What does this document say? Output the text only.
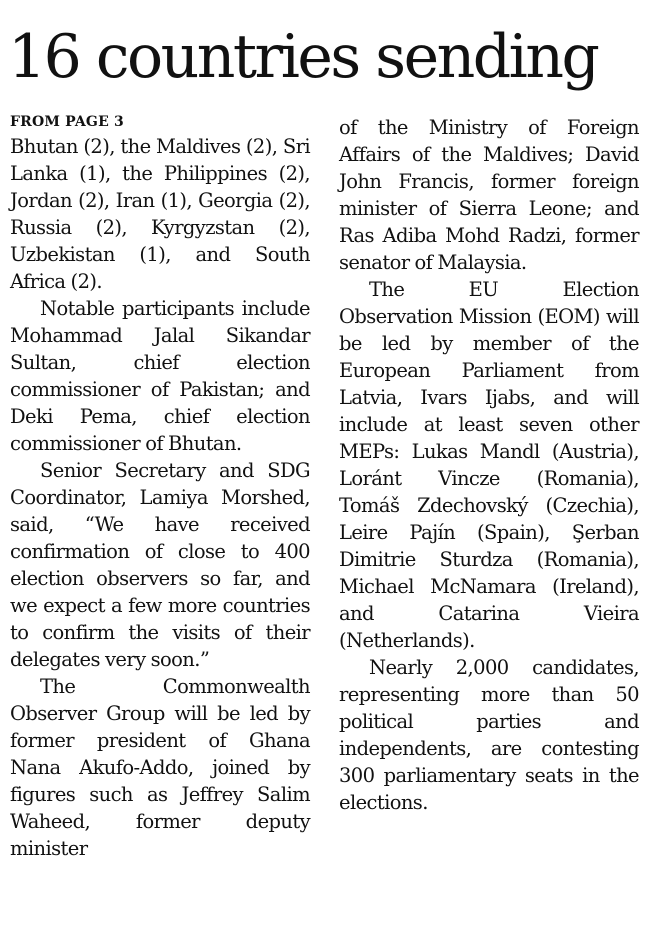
16 countries sending
FROM PAGE 3

Bhutan (2), the Maldives (2), Sri Lanka (1), the Philippines (2), Jordan (2), Iran (1), Georgia (2), Russia (2), Kyrgyzstan (2), Uzbekistan (1), and South Africa (2).

Notable participants include Mohammad Jalal Sikandar Sultan, chief election commissioner of Pakistan; and Deki Pema, chief election commissioner of Bhutan.

Senior Secretary and SDG Coordinator, Lamiya Morshed, said, “We have received confirmation of close to 400 election observers so far, and we expect a few more countries to confirm the visits of their delegates very soon.”

The Commonwealth Observer Group will be led by former president of Ghana Nana Akufo-Addo, joined by figures such as Jeffrey Salim Waheed, former deputy minister

of the Ministry of Foreign Affairs of the Maldives; David John Francis, former foreign minister of Sierra Leone; and Ras Adiba Mohd Radzi, former senator of Malaysia.

The EU Election Observation Mission (EOM) will be led by member of the European Parliament from Latvia, Ivars Ijabs, and will include at least seven other MEPs: Lukas Mandl (Austria), Loránt Vincze (Romania), Tomáš Zdechovský (Czechia), Leire Pajín (Spain), Şerban Dimitrie Sturdza (Romania), Michael McNamara (Ireland), and Catarina Vieira (Netherlands).

Nearly 2,000 candidates, representing more than 50 political parties and independents, are contesting 300 parliamentary seats in the elections.
